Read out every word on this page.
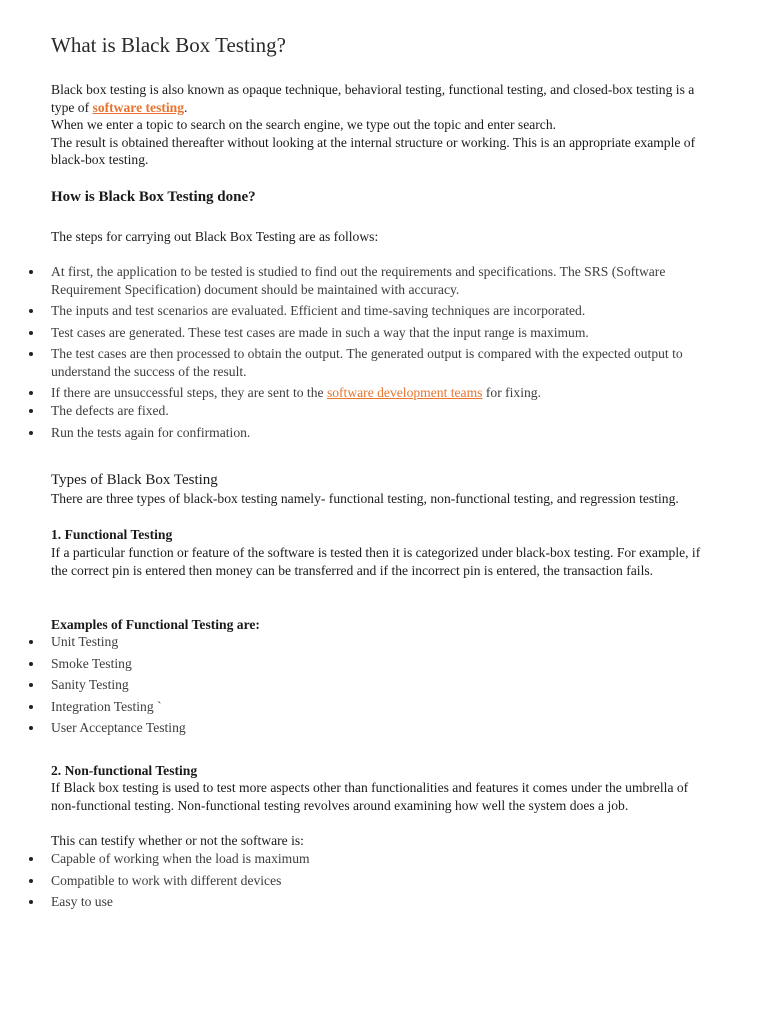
What is Black Box Testing?
Black box testing is also known as opaque technique, behavioral testing, functional testing, and closed-box testing is a type of software testing.
When we enter a topic to search on the search engine, we type out the topic and enter search.
The result is obtained thereafter without looking at the internal structure or working. This is an appropriate example of black-box testing.
How is Black Box Testing done?

The steps for carrying out Black Box Testing are as follows:

At first, the application to be tested is studied to find out the requirements and specifications. The SRS (Software Requirement Specification) document should be maintained with accuracy.
The inputs and test scenarios are evaluated. Efficient and time-saving techniques are incorporated.
Test cases are generated. These test cases are made in such a way that the input range is maximum.
The test cases are then processed to obtain the output. The generated output is compared with the expected output to understand the success of the result.
If there are unsuccessful steps, they are sent to the software development teams for fixing.
The defects are fixed.
Run the tests again for confirmation.
Types of Black Box Testing

There are three types of black-box testing namely- functional testing, non-functional testing, and regression testing.

1. Functional Testing

If a particular function or feature of the software is tested then it is categorized under black-box testing. For example, if the correct pin is entered then money can be transferred and if the incorrect pin is entered, the transaction fails.

Examples of Functional Testing are:

Unit Testing
Smoke Testing
Sanity Testing
Integration Testing `
User Acceptance Testing

2. Non-functional Testing

If Black box testing is used to test more aspects other than functionalities and features it comes under the umbrella of non-functional testing. Non-functional testing revolves around examining how well the system does a job.

This can testify whether or not the software is:

Capable of working when the load is maximum
Compatible to work with different devices
Easy to use
